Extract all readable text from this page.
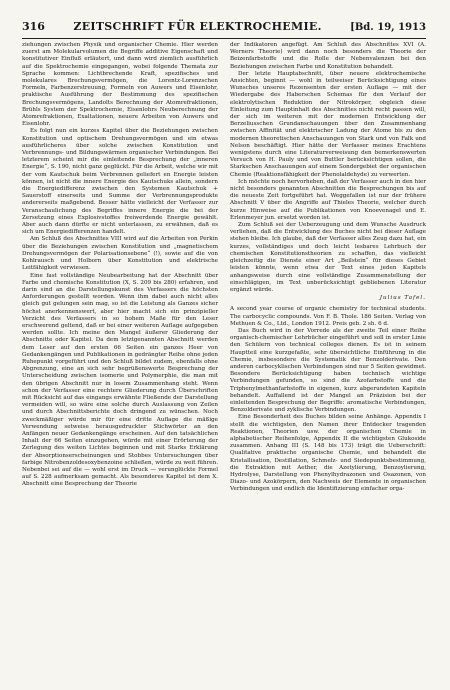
316	ZEITSCHRIFT FÜR ELEKTROCHEMIE.	[Bd. 19, 1913

ziehungen zwischen Physik und organischer Chemie. Hier werden zuerst am Molekularvolumen die Begriffe additive Eigenschaft und konstitutiver Einfluß erläutert, und dann wird ziemlich ausführlich auf die Spektrochemie eingegangen, wobei folgende Themata zur Sprache kommen: Lichtbrechende Kraft, spezifisches und molekulares Brechungsvermögen, die Lorentz-Lorenzschen Formeln, Farbenzerstreuung, Formeln von Auwers und Eisenlohr, praktische Ausführung der Bestimmung des spezifischen Brechungsvermögens, Landolts Berechnung der Atomrefraktionen, Brühls System der Spektrochemie, Eisenlohrs Neuberechnung der Atomrefraktionen, Exaltationen, neuere Arbeiten von Auwers und Eisenlohr.

Es folgt nun ein kurzes Kapitel über die Beziehungen zwischen Konstitution und optischem Drehungsvermögen und ein etwas ausführlicheres über solche zwischen Konstitution und Verbrennungs- und Bildungswärmen organischer Verbindungen. Bei letzterem scheint mir die einleitende Besprechung der „inneren Energie“, S. 190, nicht ganz geglückt. Für die Arbeit, welche wir mit der vom Kautschuk beim Verbrennen geliefert en Energie leisten können, ist nicht die innere Energie des Kautschuks allein, sondern die Energiedifferenz zwischen den Systemen Kautschuk + Sauerstoff einerseits und Summe der Verbrennungsprodukte andererseits maßgebend. Besser hätte vielleicht der Verfasser zur Veranschaulichung des Begriffes innere Energie die bei der Zersetzung eines Explosivstoffes freiwerdende Energie gewählt. Aber auch dann dürfte er nicht unterlassen, zu erwähnen, daß es sich um Energiedifferenzen handelt.

Am Schluß des Abschnittes VIII wird auf die Arbeiten von Perkin über die Beziehungen zwischen Konstitution und „magnetischem Drehungsvermögen der Polarisationsebene“ (!), sowie auf die von Kohlrausch und Holborn über Konstitution und elektrische Leitfähigkeit verwiesen.

Eine fast vollständige Neubearbeitung hat der Abschnitt über Farbe und chemische Konstitution (X, S. 209 bis 280) erfahren, und darin sind an die Darstellungskunst des Verfassers die höchsten Anforderungen gestellt worden. Wenn ihm dabei auch nicht alles gleich gut gelungen sein mag, so ist die Leistung als Ganzes sicher höchst anerkennenswert, aber hier macht sich ein prinzipieller Verzicht des Verfassers in so hohem Maße für den Leser erschwerend geltend, daß er bei einer weiteren Auflage aufgegeben werden sollte. Ich meine den Mangel äußerer Gliederung der Abschnitte oder Kapitel. Da dem letztgenannten Abschnitt werden dem Leser auf den ersten 66 Seiten ein ganzes Heer von Gedankengängen und Publikationen in gedrängter Reihe ohne jeden Ruhepunkt vorgeführt und den Schluß bildet zudem, ebenfalls ohne Abgrenzung, eine an sich sehr begrüßenswerte Besprechung der Unterscheidung zwischen isomerie und Polymerphie, die man mit den übrigen Abschnitt nur in losem Zusammenhang steht. Wenn schon der Verfasser eine rechtere Gliederung durch Überschriften mit Rücksicht auf das eingangs erwähnte Fließende der Darstellung vermeiden will, so wäre eine solche durch Auslassung von Zeilen und durch Abschnittsberichte doch dringend zu wünschen. Noch zweckmäßiger würde mir für eine dritte Auflage die mäßige Verwendung setweise herausgedruckter Stichwörter an den Anfängen neuer Gedankengänge erscheinen. Auf den tatsächlichen Inhalt der 66 Seiten einzugehen, würde mit einer Erörterung der Zerlegung des weiten Lichtes beginnen und mit Starks Erklärung der Absorptionserscheinungen und Stobbes Untersuchungen über farbige Nitrobenzoldesoxybenzoine schließen, würde zu weit führen. Nebenbei sei auf die — wohl erst im Druck — verunglückte Formel auf S. 228 aufmerksam gemacht. Als besonderes Kapitel ist dem X. Abschnitt eine Besprechung der Theorie

der Indikatoren angefügt. Am Schluß des Abschnittes XVI (A. Werners Theorie) wird dann noch besonders die Theorie der Beizenfarbstoffe und die Rolle der Nebenvalenzen bei den Beziehungen zwischen Farbe und Konstitution behandelt.

Der letzte Hauptabschnitt, über neuere elektrochemische Ansichten, beginnt — wohl in teilweiser Berücksichtigung eines Wunsches unseres Rezensenten der ersten Auflage — mit der Wiedergabe des Haberschen Schemas für den Verlauf der elektrolytischen Reduktion der Nitrokörper, obgleich diese Einleitung zum Hauptinhalt des Abschnittes nicht recht passen will, der sich im weiteren mit der modernen Entwicklung der Berzeliusschen Grundanschauungen über den Zusammenhang zwischen Affinität und elektrischer Ladung der Atome bis zu den modernen theoretischen Anschauungen von Stark und von Falk und Nelson beschäftigt. Hier hätte der Verfasser meines Erachtens wenigstens durch eine Literaturverweisung den bemerkenswerten Versuch von H. Pauly und von Buttler berücksichtigen sollen, die Starkschen Anschauungen auf einem Sondergebiet der organischen Chemie (Reaktionsfähigkeit der Phenolaldehyde) zu verwerten.

Ich möchte noch hervorheben, daß der Verfasser auch in den hier nicht besonders genannten Abschnitten die Besprechungen bis auf die neueste Zeit fortgeführt hat. Weggefallen ist nur der frühere Abschnitt V über die Angriffe auf Thieles Theorie, welcher durch kurze Hinweise auf die Publikationen von Knoevenagel und E. Erlenmeyer jun. ersetzt worden ist.

Zum Schluß sei der Ueberzeugung und dem Wunsche Ausdruck verliehen, daß die Entwicklung des Buches nicht bei dieser Auflage stehen bleibe. Ich glaube, daß der Verfasser alles Zeug dazu hat, ein kurzes, vollständiges und doch leicht lesbares Lehrbuch der chemischen Konstitutionstheorien zu schaffen, das vielleicht gleichzeitig die Dienste einer Art „Beilstein“ für dieses Gebiet leisten könnte, wenn etwa der Text eines jeden Kapitels anhangsweise durch eine vollständige Zusammenstellung der einschlägigen, im Text unberücksichtigt gebliebenen Literatur ergänzt würde.

Julius Tafel.

A second year course of organic chemistry for technical students. The carbocyclic compounds. Von F. B. Thole. 186 Seiten. Verlag von Methuen & Co., Ltd., London 1912. Preis geb. 2 sh. 6 d.

Das Buch wird in der Vorrede als der zweite Teil einer Reihe organisch-chemischer Lehrbücher eingeführt und soll in erster Linie den Schülern von technical colleges dienen. Es ist in seinem Hauptteil eine kurzgefaßte, sehr übersichtliche Einführung in die Chemie, insbesondere die Systematik der Benzolderivate. Den anderen carbocyklischen Verbindungen sind nur 5 Seiten gewidmet. Besondere Berücksichtigung haben technisch wichtige Verbindungen gefunden, so sind die Azofarbstoffe und die Triphenylmethanfarbstoffe in eigenen, kurz abgerundeten Kapiteln behandelt. Auffallend ist der Mangel an Präzision bei der einleitenden Besprechung der Begriffe: aromatische Verbindungen, Benzolderivate und zyklische Verbindungen.

Eine Besonderheit des Buches bilden seine Anhänge. Appendix I stellt die wichtigsten, den Namen ihrer Entdecker tragenden Reaktionen, Theorien usw. der organischen Chemie in alphabetischer Reihenfolge, Appendix II die wichtigsten Glukoside zusammen. Anhang III (S. 148 bis 173) trägt die Ueberschrift: Qualitative praktische organische Chemie, und behandelt die Kristallisation, Destillation, Schmelz- und Siedepunktsbestimmung, die Extraktion mit Aether, die Azetylierung, Benzoylierung, Hydrolyse, Darstellung von Phenylhydrazonen und Osazonen, von Diazo- und Azokörpern, den Nachweis der Elemente in organischen Verbindungen und endlich die Identifizierung einfacher orga-
